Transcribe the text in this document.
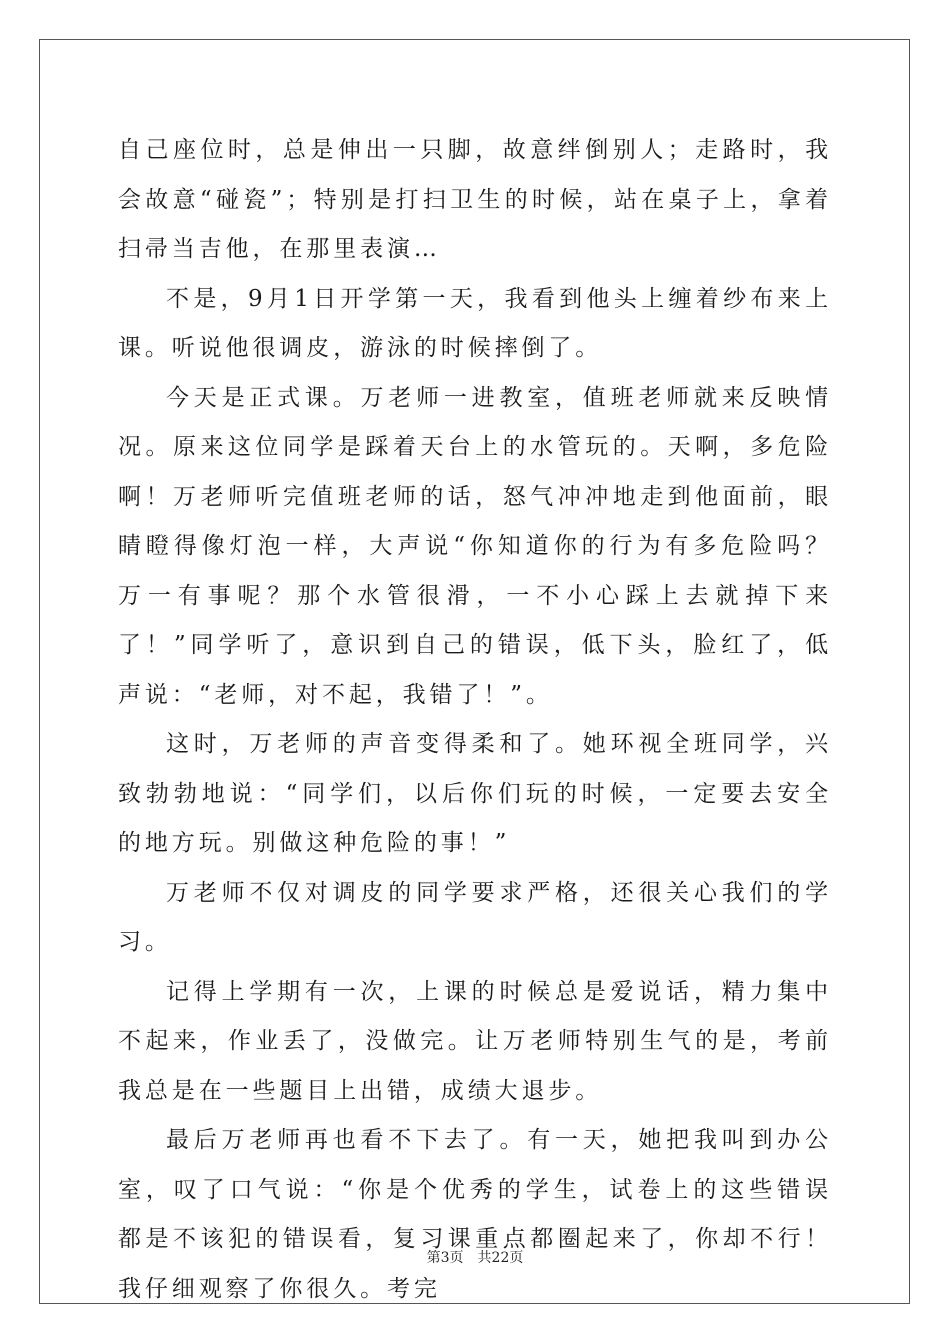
自己座位时，总是伸出一只脚，故意绊倒别人；走路时，我会故意“碰瓷”；特别是打扫卫生的时候，站在桌子上，拿着扫帚当吉他，在那里表演…

不是，9月1日开学第一天，我看到他头上缠着纱布来上课。听说他很调皮，游泳的时候摔倒了。

今天是正式课。万老师一进教室，值班老师就来反映情况。原来这位同学是踩着天台上的水管玩的。天啊，多危险啊！万老师听完值班老师的话，怒气冲冲地走到他面前，眼睛瞪得像灯泡一样，大声说“你知道你的行为有多危险吗？万一有事呢？那个水管很滑，一不小心踩上去就掉下来了！”同学听了，意识到自己的错误，低下头，脸红了，低声说：“老师，对不起，我错了！”。

这时，万老师的声音变得柔和了。她环视全班同学，兴致勃勃地说：“同学们，以后你们玩的时候，一定要去安全的地方玩。别做这种危险的事！”

万老师不仅对调皮的同学要求严格，还很关心我们的学习。

记得上学期有一次，上课的时候总是爱说话，精力集中不起来，作业丢了，没做完。让万老师特别生气的是，考前我总是在一些题目上出错，成绩大退步。

最后万老师再也看不下去了。有一天，她把我叫到办公室，叹了口气说：“你是个优秀的学生，试卷上的这些错误都是不该犯的错误看，复习课重点都圈起来了，你却不行！我仔细观察了你很久。考完

第3页 共22页
